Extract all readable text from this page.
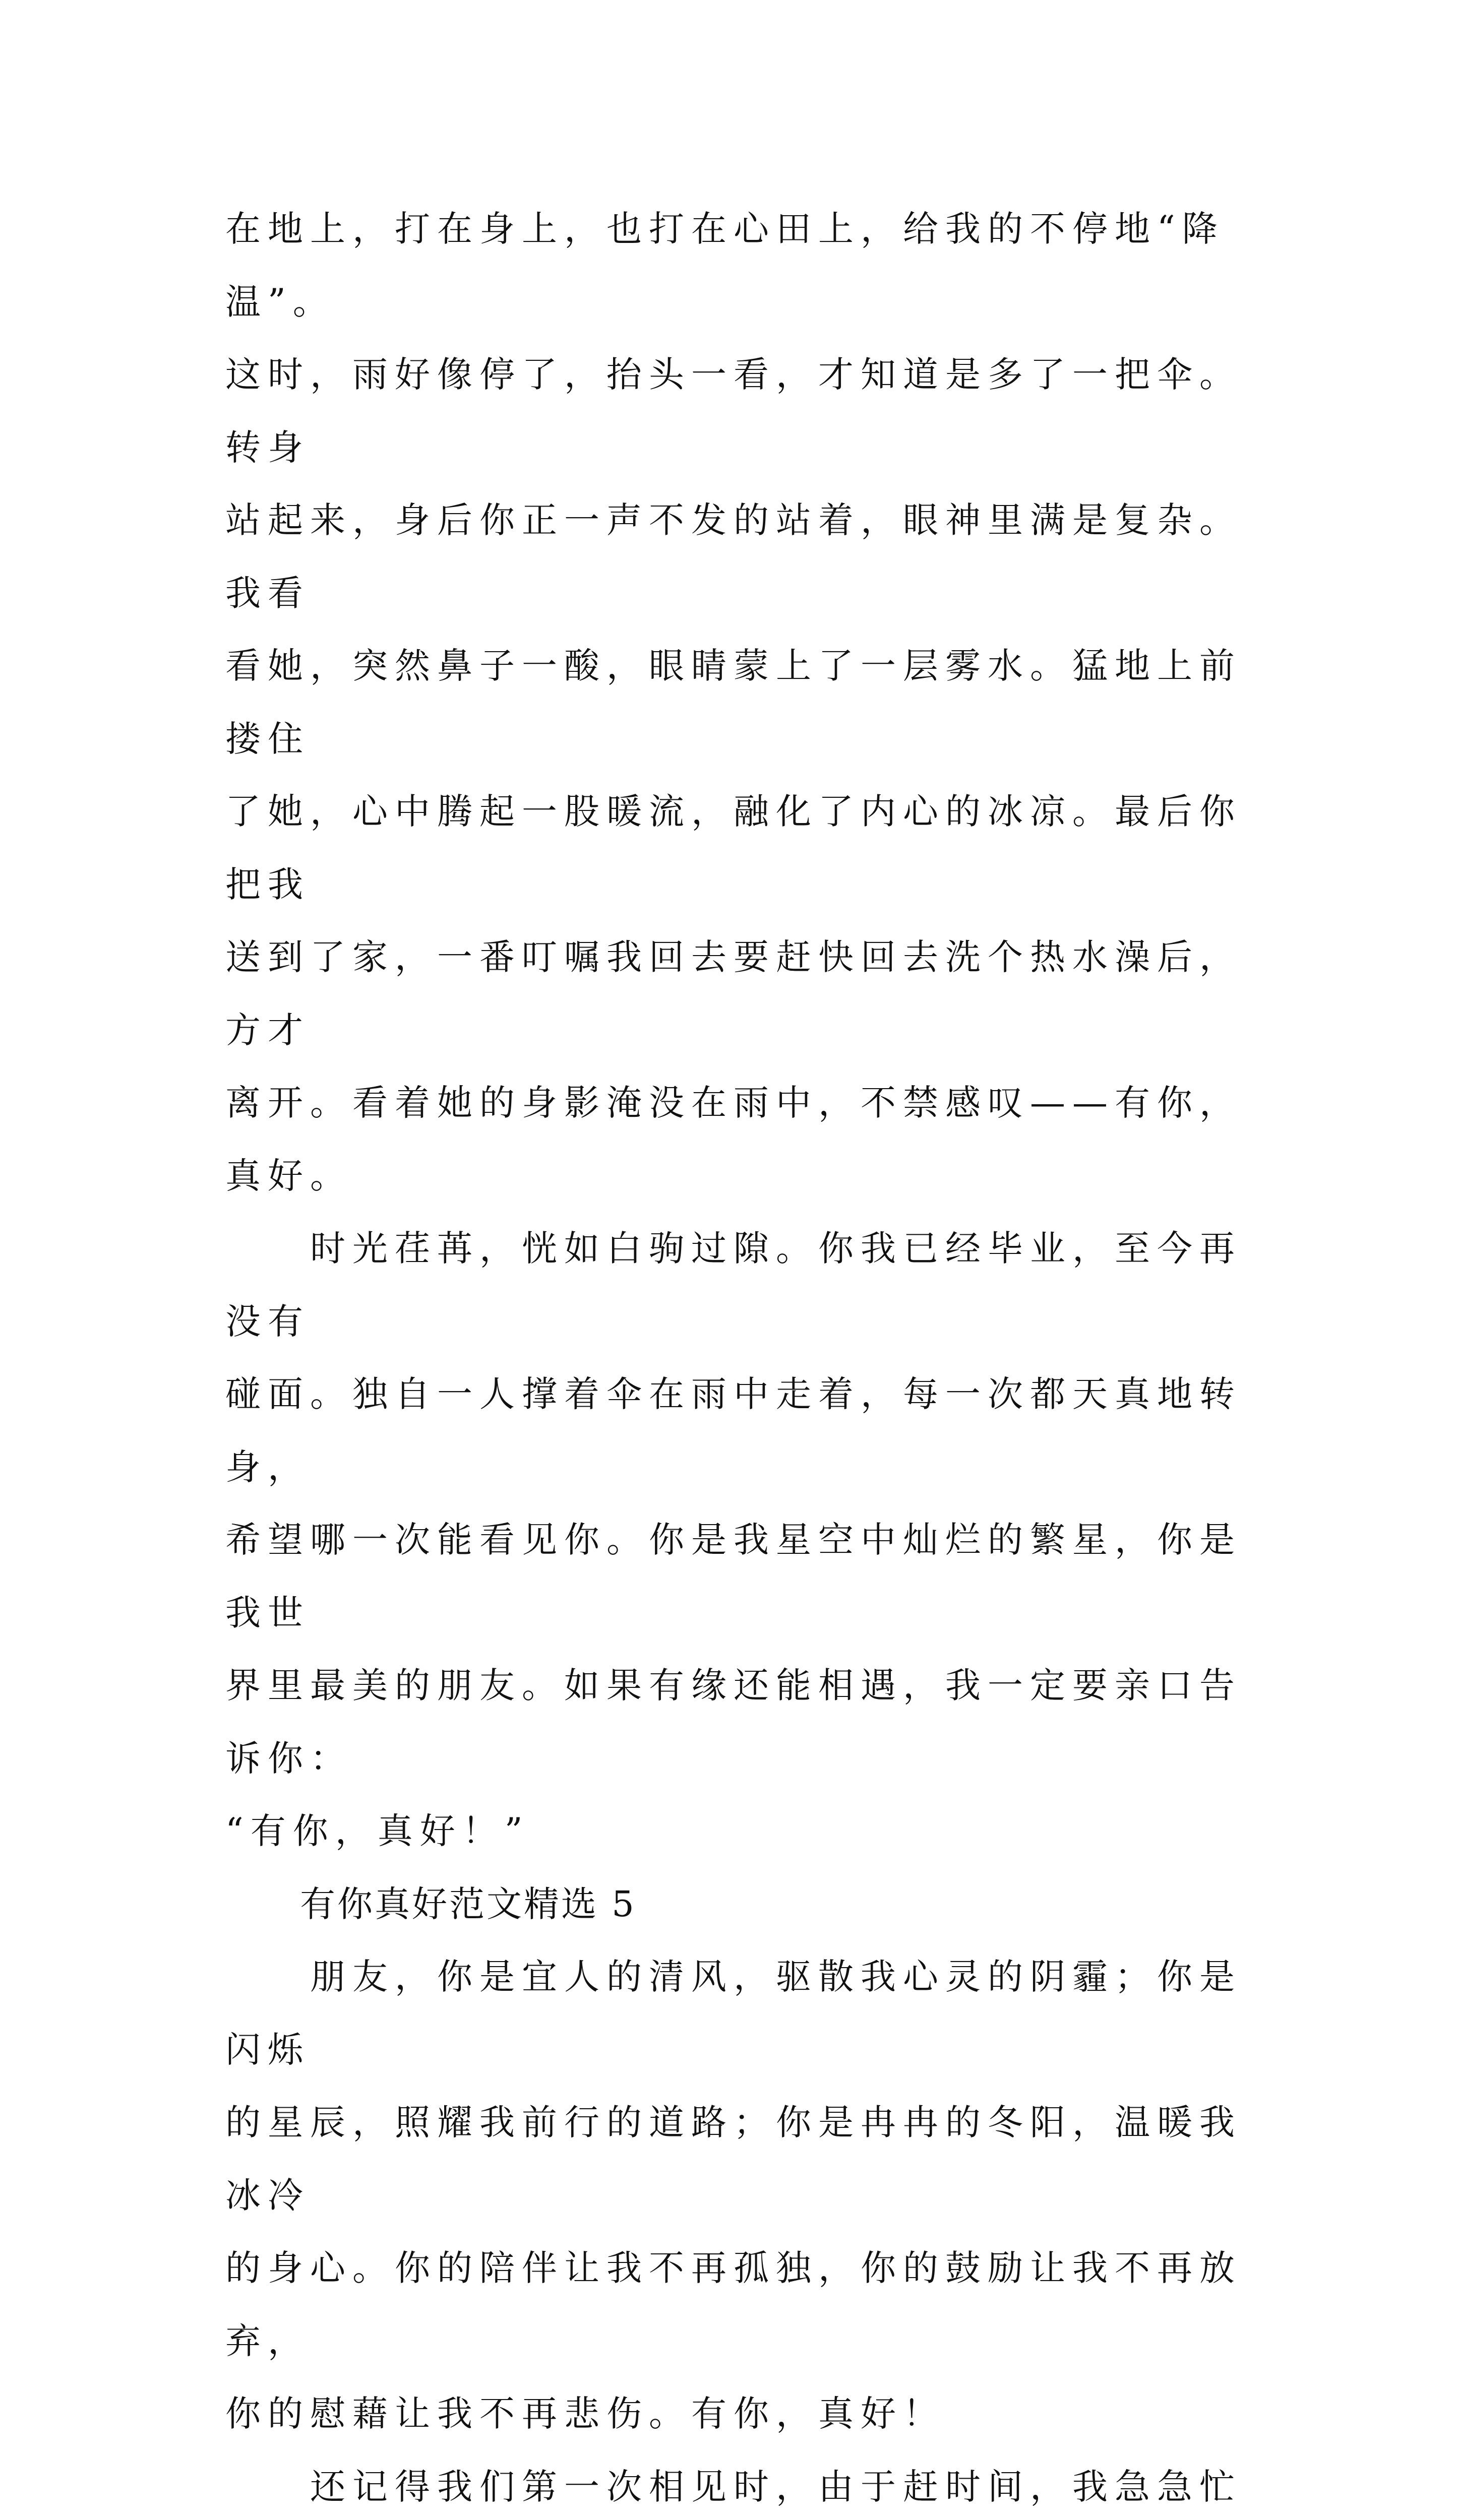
在地上，打在身上，也打在心田上，给我的不停地“降温”。
这时，雨好像停了，抬头一看，才知道是多了一把伞。转身
站起来，身后你正一声不发的站着，眼神里满是复杂。我看
看她，突然鼻子一酸，眼睛蒙上了一层雾水。猛地上前搂住
了她，心中腾起一股暖流，融化了内心的冰凉。最后你把我
送到了家，一番叮嘱我回去要赶快回去洗个热水澡后，方才
离开。看着她的身影淹没在雨中，不禁感叹——有你，真好。
时光荏苒，恍如白驹过隙。你我已经毕业，至今再没有
碰面。独自一人撑着伞在雨中走着，每一次都天真地转身，
希望哪一次能看见你。你是我星空中灿烂的繁星，你是我世
界里最美的朋友。如果有缘还能相遇，我一定要亲口告诉你：
“有你，真好！”
有你真好范文精选 5
朋友，你是宜人的清风，驱散我心灵的阴霾；你是闪烁
的星辰，照耀我前行的道路；你是冉冉的冬阳，温暖我冰冷
的身心。你的陪伴让我不再孤独，你的鼓励让我不再放弃，
你的慰藉让我不再悲伤。有你，真好！
还记得我们第一次相见时，由于赶时间，我急急忙
